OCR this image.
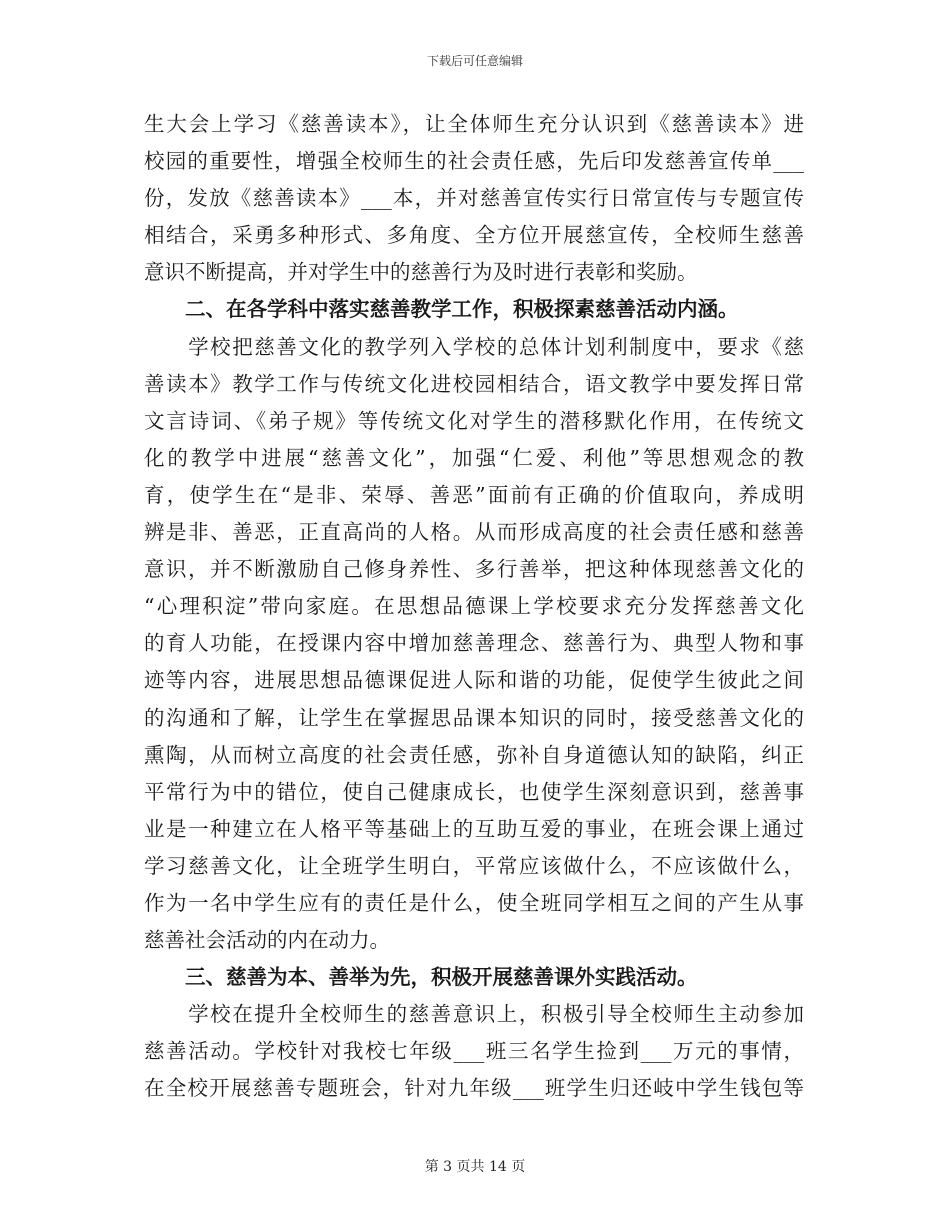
下载后可任意编辑
生大会上学习《慈善读本》，让全体师生充分认识到《慈善读本》进
校园的重要性，增强全校师生的社会责任感，先后印发慈善宣传单___
份，发放《慈善读本》___本，并对慈善宣传实行日常宣传与专题宣传
相结合，采勇多种形式、多角度、全方位开展慈宣传，全校师生慈善
意识不断提高，并对学生中的慈善行为及时进行表彰和奖励。
　　二、在各学科中落实慈善教学工作，积极探素慈善活动内涵。
　　学校把慈善文化的教学列入学校的总体计划利制度中，要求《慈
善读本》教学工作与传统文化进校园相结合，语文教学中要发挥日常
文言诗词、《弟子规》等传统文化对学生的潜移默化作用，在传统文
化的教学中进展“慈善文化”，加强“仁爱、利他”等思想观念的教
育，使学生在“是非、荣辱、善恶”面前有正确的价值取向，养成明
辨是非、善恶，正直高尚的人格。从而形成高度的社会责任感和慈善
意识，并不断激励自己修身养性、多行善举，把这种体现慈善文化的
“心理积淀”带向家庭。在思想品德课上学校要求充分发挥慈善文化
的育人功能，在授课内容中增加慈善理念、慈善行为、典型人物和事
迹等内容，进展思想品德课促进人际和谐的功能，促使学生彼此之间
的沟通和了解，让学生在掌握思品课本知识的同时，接受慈善文化的
熏陶，从而树立高度的社会责任感，弥补自身道德认知的缺陷，纠正
平常行为中的错位，使自己健康成长，也使学生深刻意识到，慈善事
业是一种建立在人格平等基础上的互助互爱的事业，在班会课上通过
学习慈善文化，让全班学生明白，平常应该做什么，不应该做什么，
作为一名中学生应有的责任是什么，使全班同学相互之间的产生从事
慈善社会活动的内在动力。
　　三、慈善为本、善举为先，积极开展慈善课外实践活动。
　　学校在提升全校师生的慈善意识上，积极引导全校师生主动参加
慈善活动。学校针对我校七年级___班三名学生捡到___万元的事情，
在全校开展慈善专题班会，针对九年级___班学生归还岐中学生钱包等
第 3 页共 14 页
